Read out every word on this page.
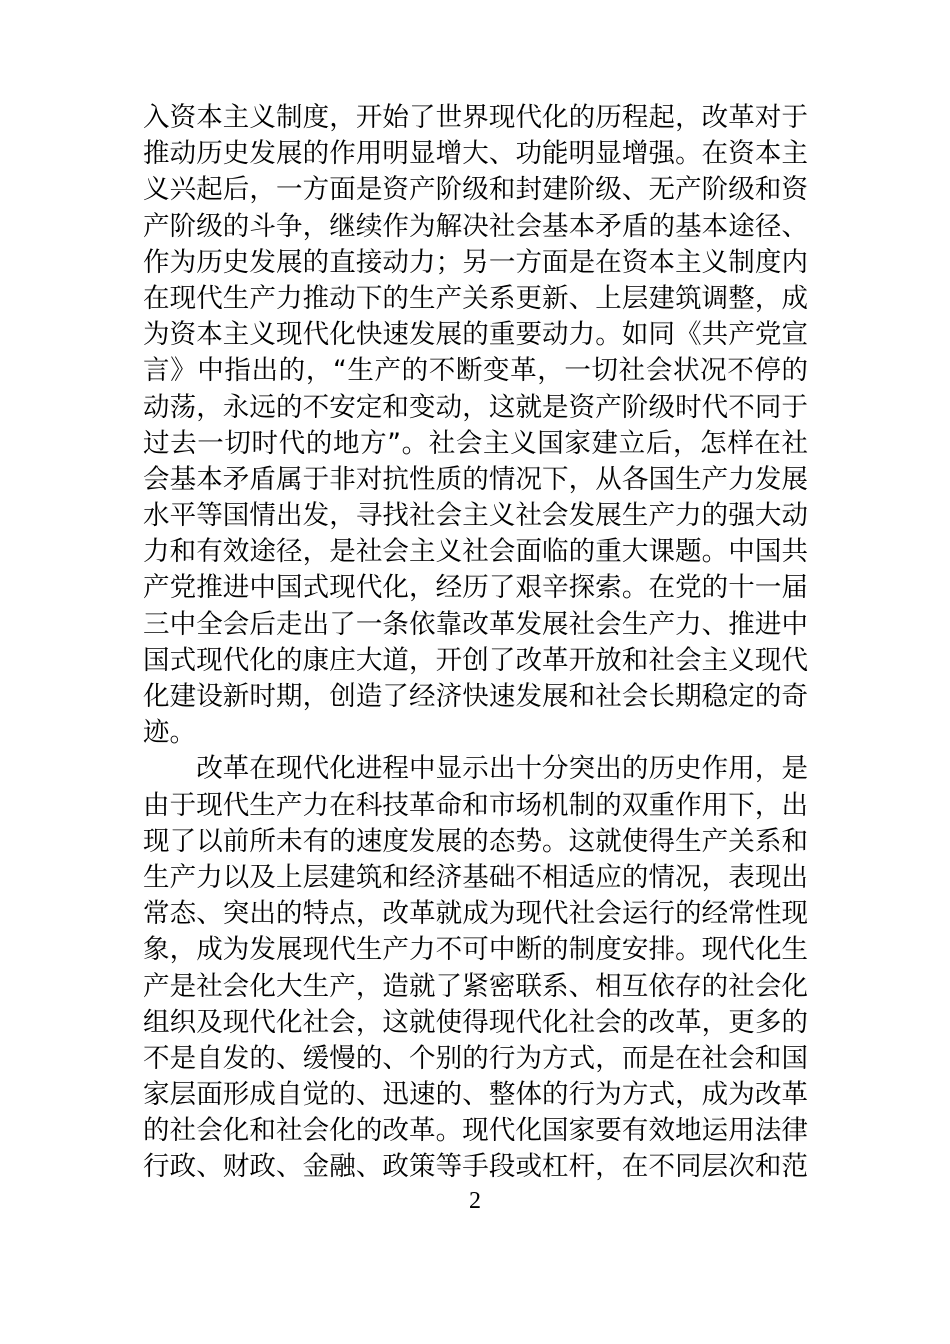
入资本主义制度，开始了世界现代化的历程起，改革对于
推动历史发展的作用明显增大、功能明显增强。在资本主
义兴起后，一方面是资产阶级和封建阶级、无产阶级和资
产阶级的斗争，继续作为解决社会基本矛盾的基本途径、
作为历史发展的直接动力；另一方面是在资本主义制度内
在现代生产力推动下的生产关系更新、上层建筑调整，成
为资本主义现代化快速发展的重要动力。如同《共产党宣
言》中指出的，“生产的不断变革，一切社会状况不停的
动荡，永远的不安定和变动，这就是资产阶级时代不同于
过去一切时代的地方”。社会主义国家建立后，怎样在社
会基本矛盾属于非对抗性质的情况下，从各国生产力发展
水平等国情出发，寻找社会主义社会发展生产力的强大动
力和有效途径，是社会主义社会面临的重大课题。中国共
产党推进中国式现代化，经历了艰辛探索。在党的十一届
三中全会后走出了一条依靠改革发展社会生产力、推进中
国式现代化的康庄大道，开创了改革开放和社会主义现代
化建设新时期，创造了经济快速发展和社会长期稳定的奇
迹。
　　改革在现代化进程中显示出十分突出的历史作用，是
由于现代生产力在科技革命和市场机制的双重作用下，出
现了以前所未有的速度发展的态势。这就使得生产关系和
生产力以及上层建筑和经济基础不相适应的情况，表现出
常态、突出的特点，改革就成为现代社会运行的经常性现
象，成为发展现代生产力不可中断的制度安排。现代化生
产是社会化大生产，造就了紧密联系、相互依存的社会化
组织及现代化社会，这就使得现代化社会的改革，更多的
不是自发的、缓慢的、个别的行为方式，而是在社会和国
家层面形成自觉的、迅速的、整体的行为方式，成为改革
的社会化和社会化的改革。现代化国家要有效地运用法律
行政、财政、金融、政策等手段或杠杆，在不同层次和范
2
